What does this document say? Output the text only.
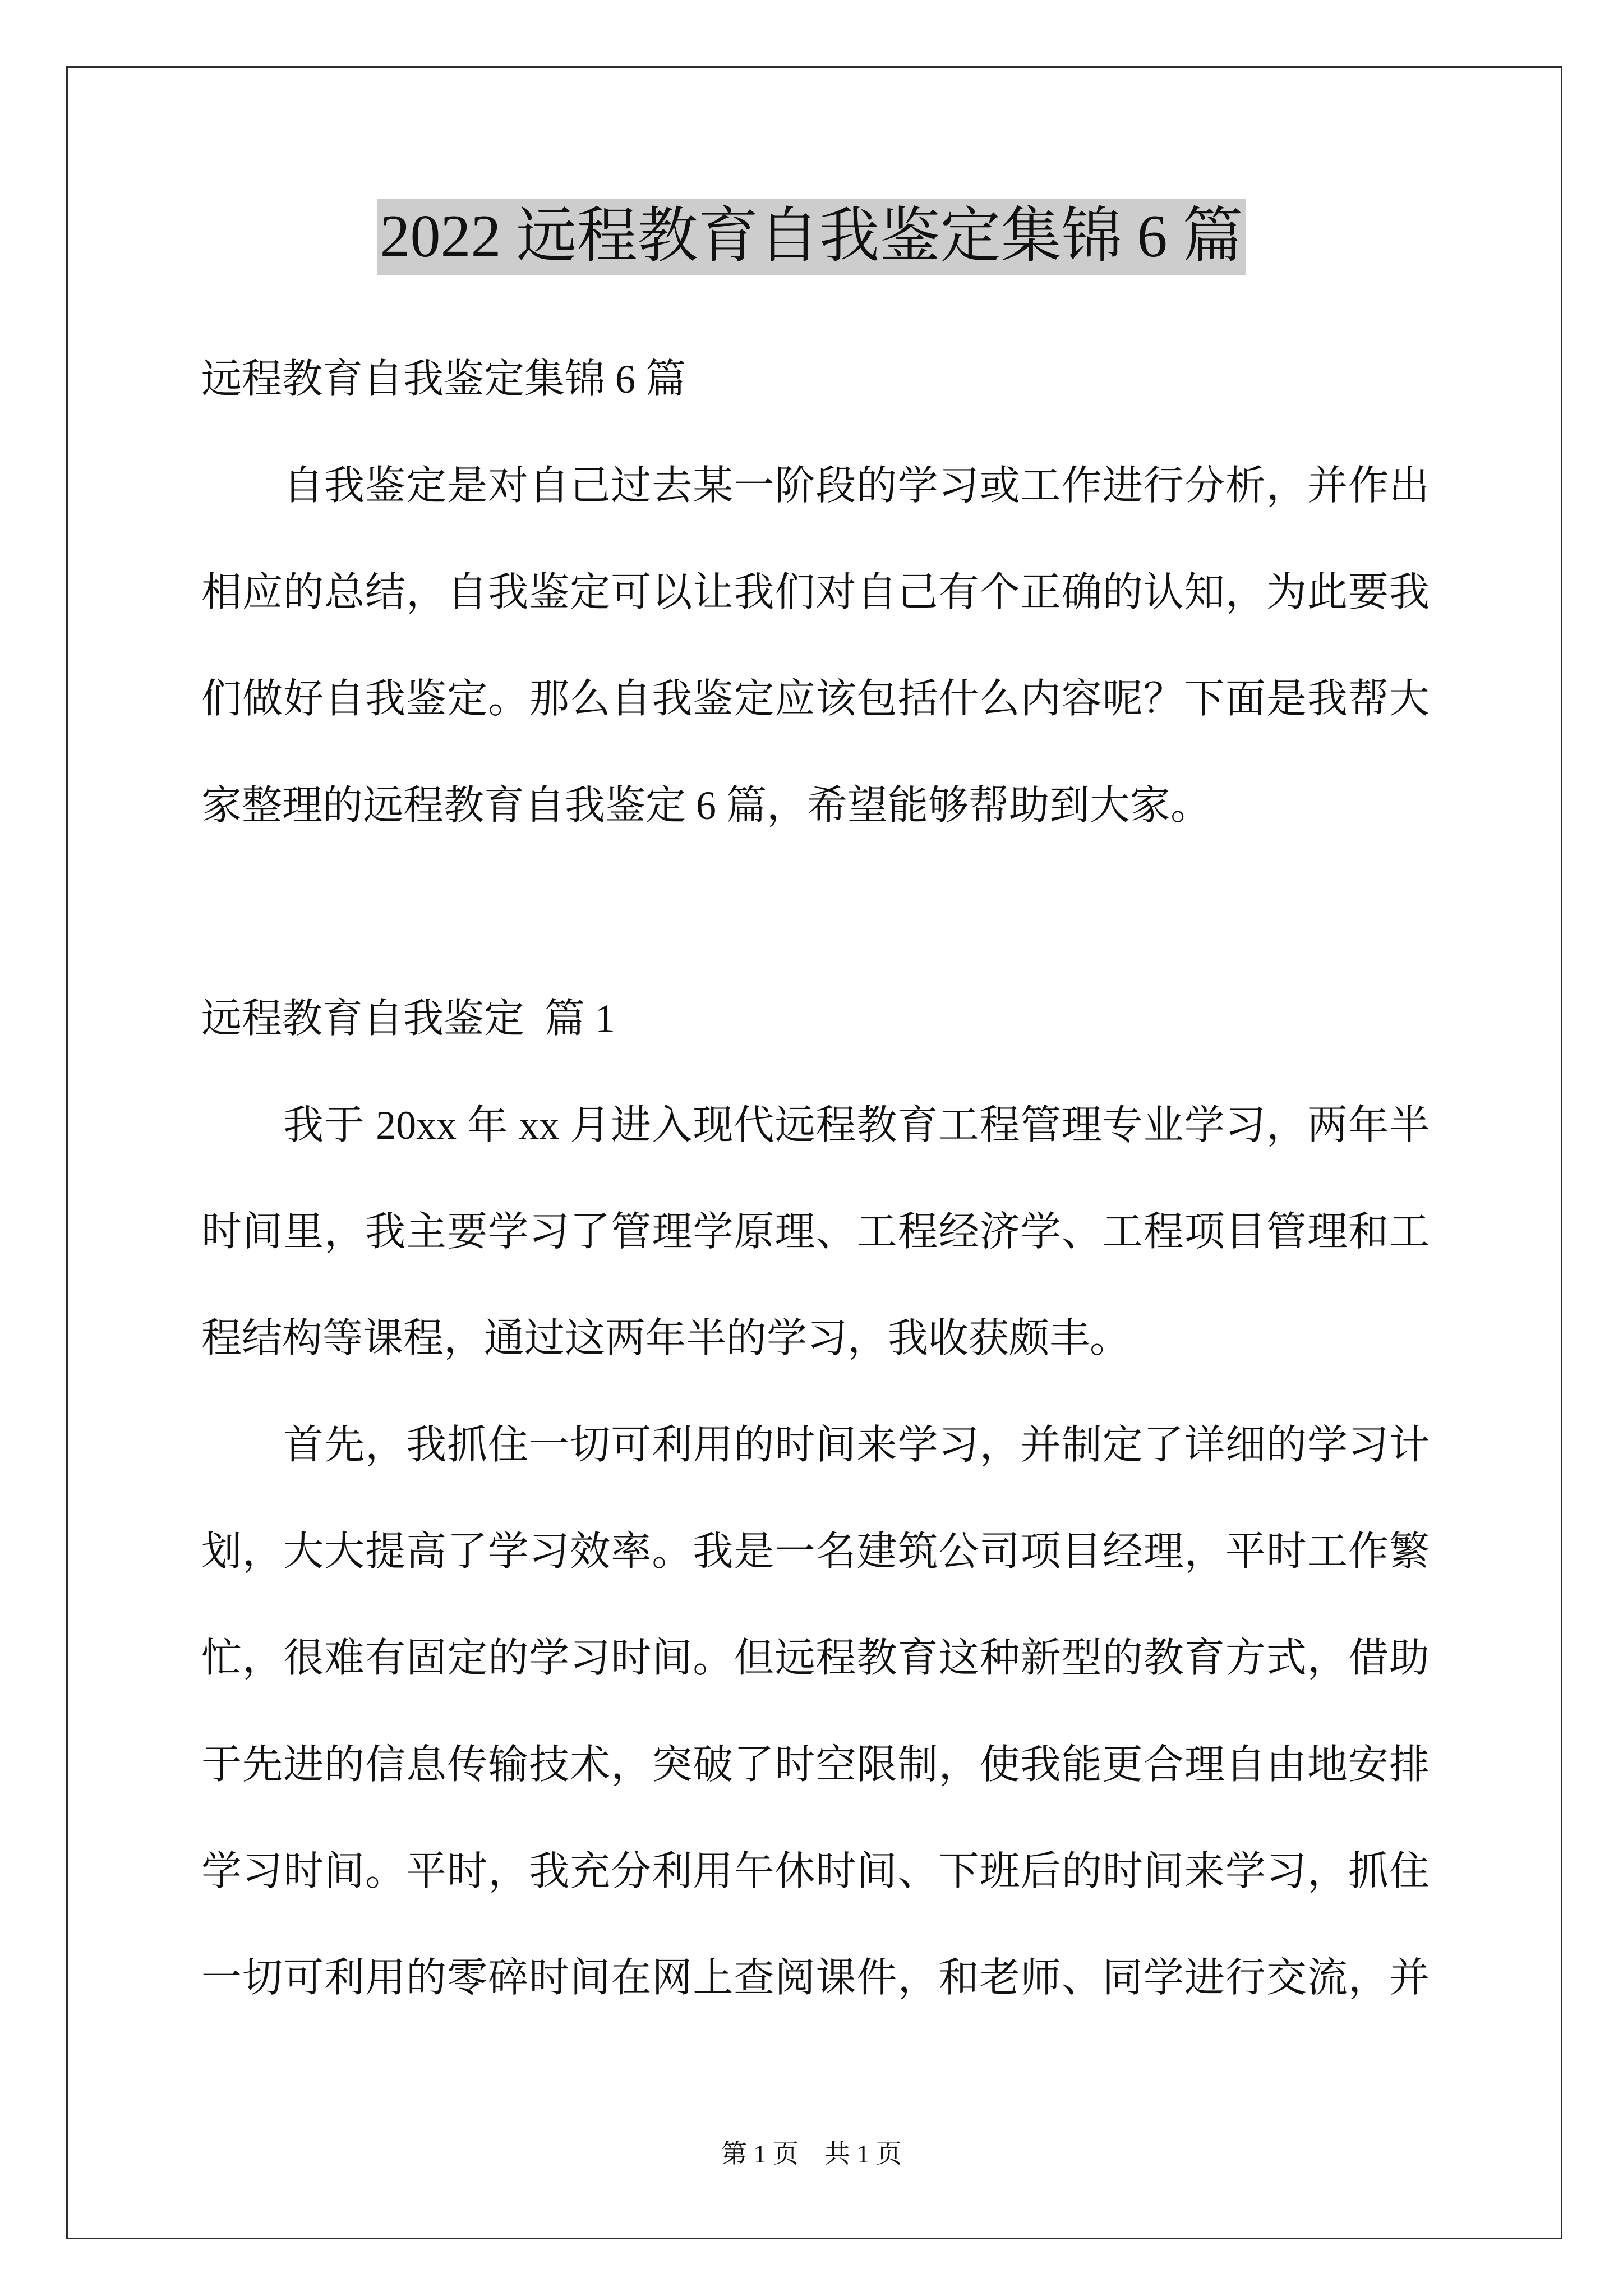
2022 远程教育自我鉴定集锦 6 篇
远程教育自我鉴定集锦 6 篇
自我鉴定是对自己过去某一阶段的学习或工作进行分析，并作出
相应的总结，自我鉴定可以让我们对自己有个正确的认知，为此要我
们做好自我鉴定。那么自我鉴定应该包括什么内容呢？下面是我帮大
家整理的远程教育自我鉴定 6 篇，希望能够帮助到大家。
远程教育自我鉴定  篇 1
我于 20xx 年 xx 月进入现代远程教育工程管理专业学习，两年半
时间里，我主要学习了管理学原理、工程经济学、工程项目管理和工
程结构等课程，通过这两年半的学习，我收获颇丰。
首先，我抓住一切可利用的时间来学习，并制定了详细的学习计
划，大大提高了学习效率。我是一名建筑公司项目经理，平时工作繁
忙，很难有固定的学习时间。但远程教育这种新型的教育方式，借助
于先进的信息传输技术，突破了时空限制，使我能更合理自由地安排
学习时间。平时，我充分利用午休时间、下班后的时间来学习，抓住
一切可利用的零碎时间在网上查阅课件，和老师、同学进行交流，并
第 1 页 共 1 页
